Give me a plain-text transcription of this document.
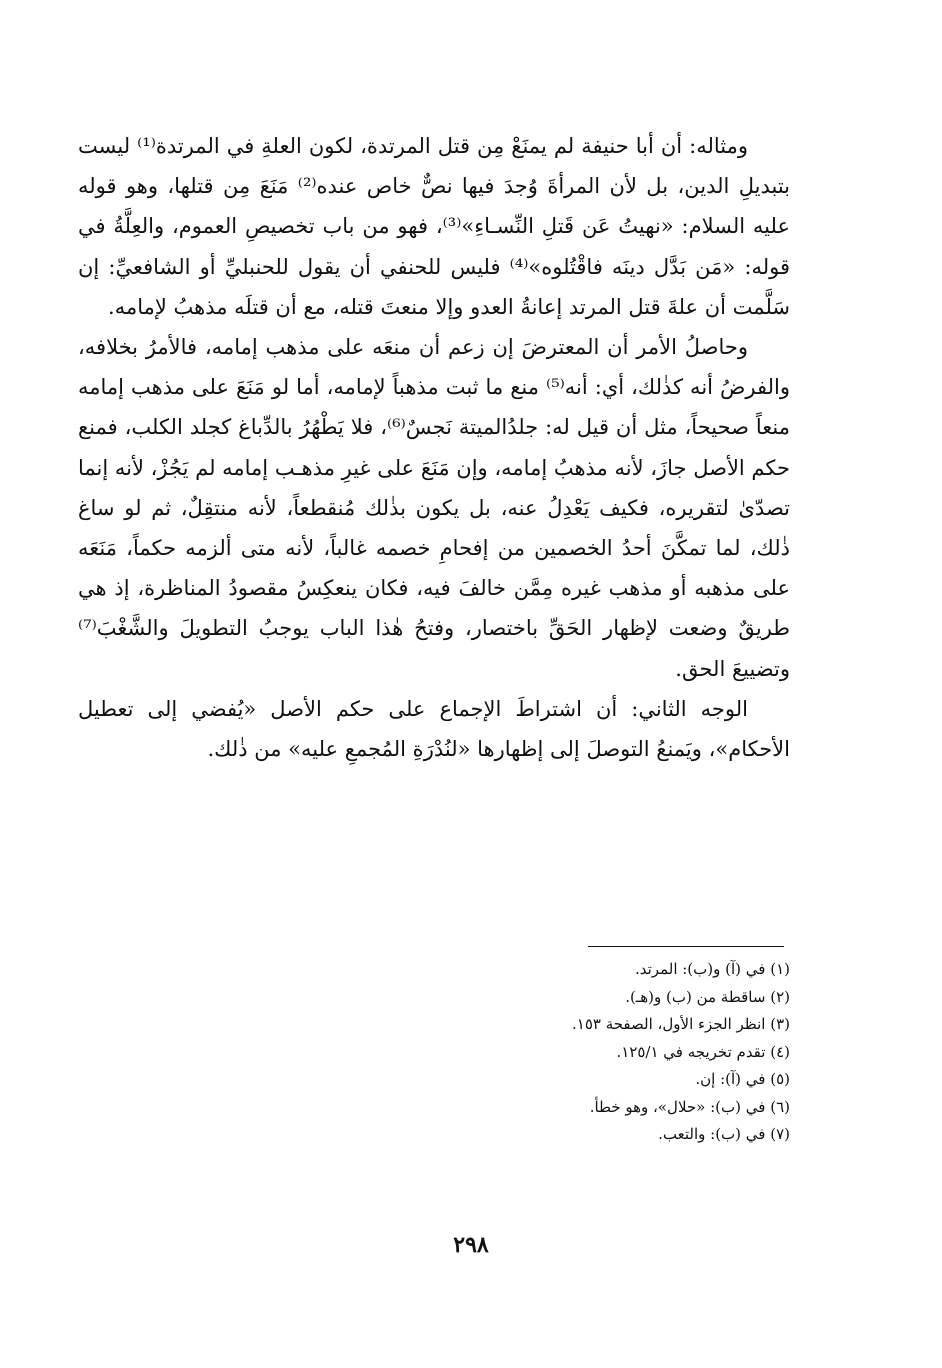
ومثاله: أن أبا حنيفة لم يمنَعْ مِن قتل المرتدة، لكون العلةِ في المرتدة⁽¹⁾ ليست بتبديلِ الدين، بل لأن المرأةَ وُجدَ فيها نصٌّ خاص عنده⁽²⁾ مَنَعَ مِن قتلها، وهو قوله عليه السلام: «نهيتُ عَن قَتلِ النِّسـاءِ»⁽³⁾، فهو من باب تخصيصِ العموم، والعِلَّةُ في قوله: «مَن بَدَّل دينَه فاقْتُلوه»⁽⁴⁾ فليس للحنفي أن يقول للحنبليِّ أو الشافعيِّ: إن سَلَّمت أن علةَ قتل المرتد إعانةُ العدو وإلا منعتَ قتله، مع أن قتلَه مذهبُ لإمامه.

وحاصلُ الأمر أن المعترضَ إن زعم أن منعَه على مذهب إمامه، فالأمرُ بخلافه، والفرضُ أنه كذٰلك، أي: أنه⁽⁵⁾ منع ما ثبت مذهباً لإمامه، أما لو مَنَعَ على مذهب إمامه منعاً صحيحاً، مثل أن قيل له: جلدُالميتة نَجسٌ⁽⁶⁾، فلا يَطْهُرُ بالدِّباغ كجلد الكلب، فمنع حكم الأصل جازَ، لأنه مذهبُ إمامه، وإن مَنَعَ على غيرِ مذهـب إمامه لم يَجُزْ، لأنه إنما تصدّىٰ لتقريره، فكيف يَعْدِلُ عنه، بل يكون بذٰلك مُنقطعاً، لأنه منتقِلٌ، ثم لو ساغ ذٰلك، لما تمكَّنَ أحدُ الخصمين من إفحامِ خصمه غالباً، لأنه متى ألزمه حكماً، مَنَعَه على مذهبه أو مذهب غيره مِمَّن خالفَ فيه، فكان ينعكِسُ مقصودُ المناظرة، إذ هي طريقٌ وضعت لإظهار الحَقِّ باختصار، وفتحُ هٰذا الباب يوجبُ التطويلَ والشَّغْبَ⁽⁷⁾ وتضييعَ الحق.

الوجه الثاني: أن اشتراطَ الإجماع على حكم الأصل «يُفضي إلى تعطيل الأحكام»، ويَمنعُ التوصلَ إلى إظهارها «لنُدْرَةِ المُجمعِ عليه» من ذٰلك.

(١) في (آ) و(ب): المرتد.
(٢) ساقطة من (ب) و(هـ).
(٣) انظر الجزء الأول، الصفحة ١٥٣.
(٤) تقدم تخريجه في ١٢٥/١.
(٥) في (آ): إن.
(٦) في (ب): «حلال»، وهو خطأ.
(٧) في (ب): والتعب.
٢٩٨
